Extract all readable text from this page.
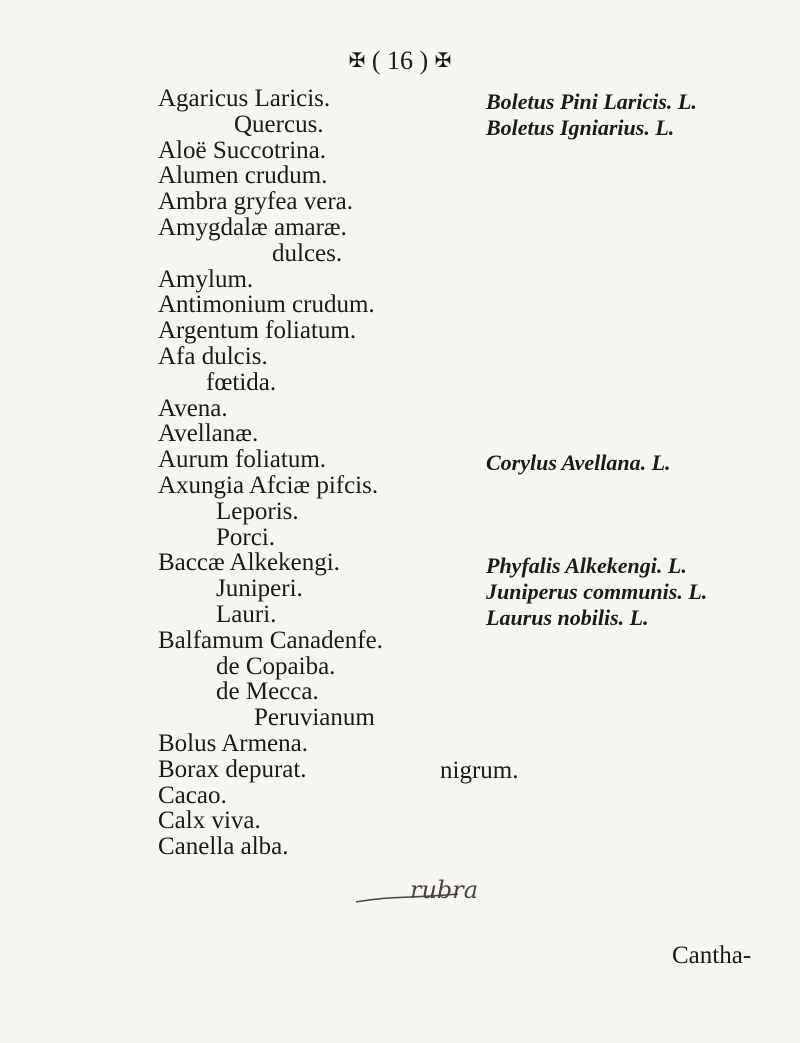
✠ ( 16 ) ✠
Agaricus Laricis.
Quercus.
Aloë Succotrina.
Alumen crudum.
Ambra gryfea vera.
Amygdalæ amaræ.
dulces.
Amylum.
Antimonium crudum.
Argentum foliatum.
Afa dulcis.
fœtida.
Avena.
Avellanæ.
Aurum foliatum.
Axungia Afciæ pifcis.
Leporis.
Porci.
Baccæ Alkekengi.
Juniperi.
Lauri.
Balfamum Canadenfe.
de Copaiba.
de Mecca.
Peruvianum
Bolus Armena.
Borax depurat.
Cacao.
Calx viva.
Canella alba.
nigrum.
Boletus Pini Laricis. L.
Boletus Igniarius. L.
Corylus Avellana. L.
Phyfalis Alkekengi. L.
Juniperus communis. L.
Laurus nobilis. L.
rubra
Cantha-
